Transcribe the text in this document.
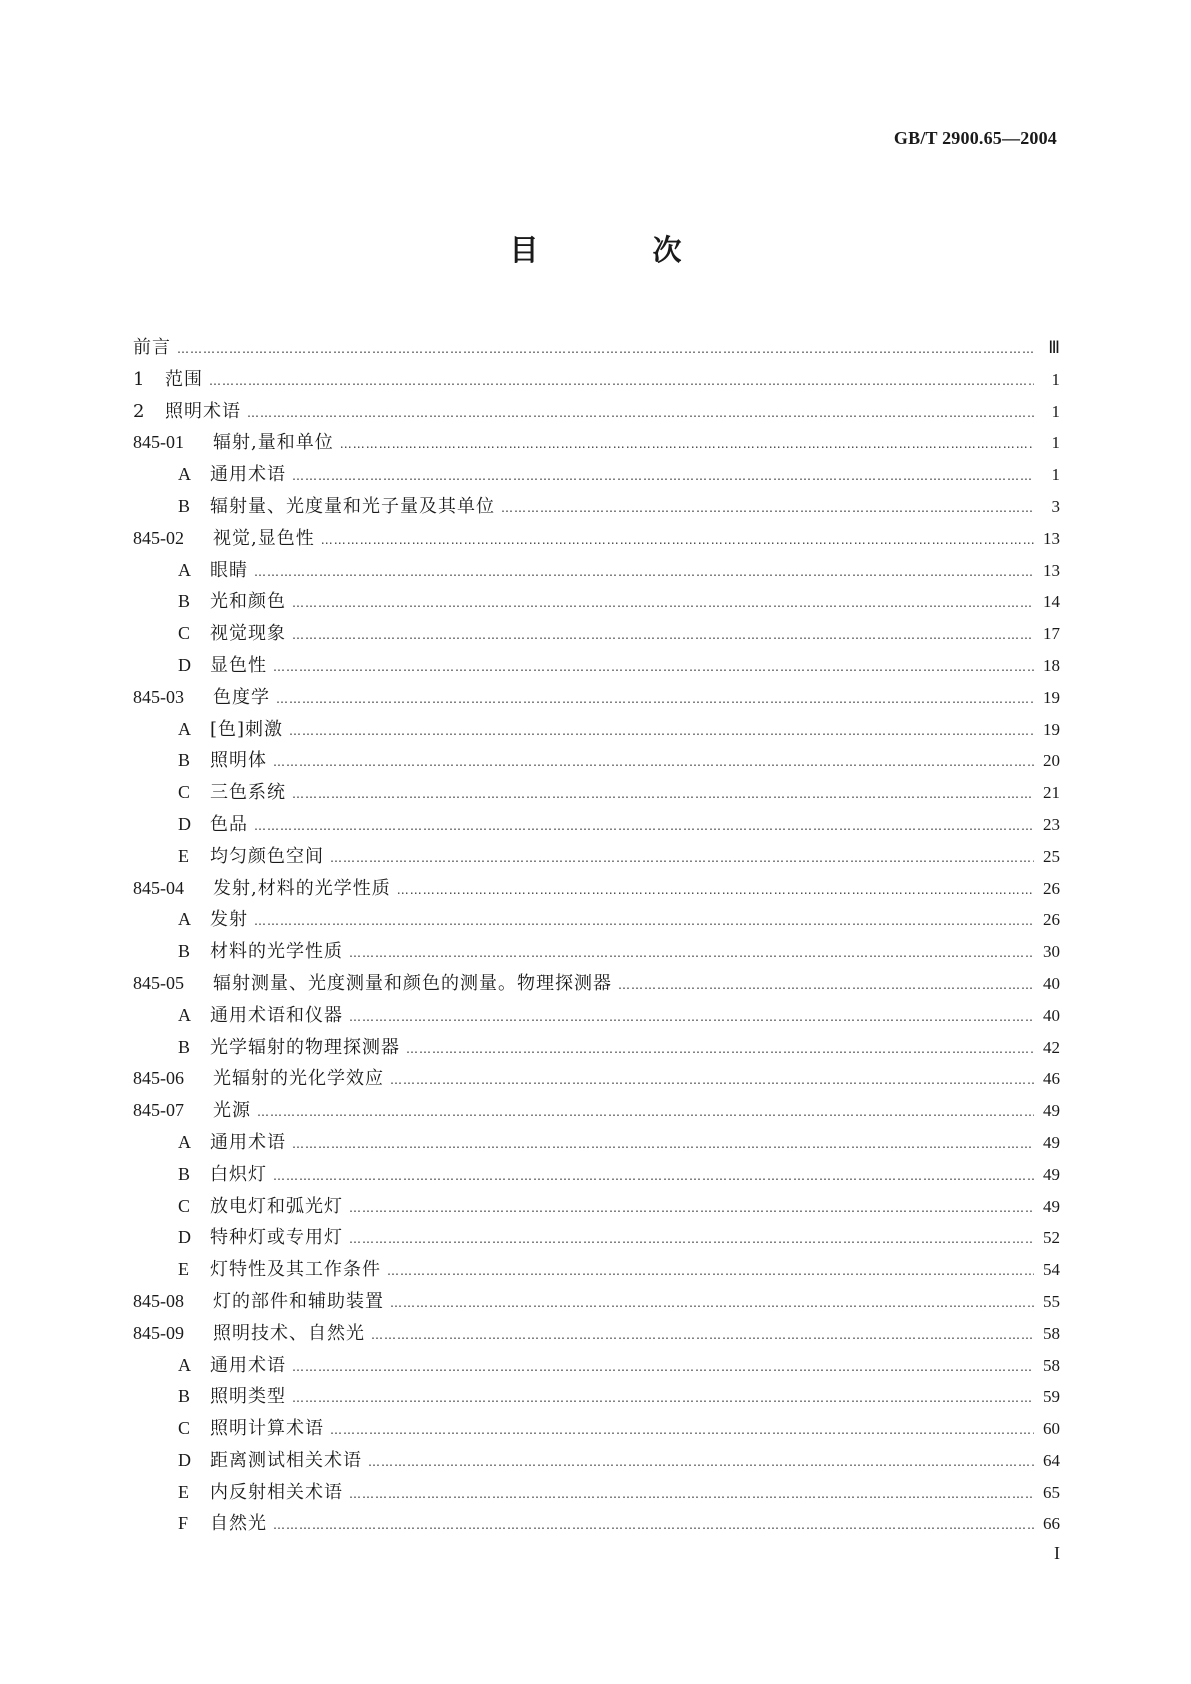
GB/T 2900.65—2004
目 次
前言 ……………………………………………………………………………………………………………………………………………………………………………………………………………………	Ⅲ
1	范围 ……………………………………………………………………………………………………………………………………………………………………………………………………………………	1
2	照明术语 ……………………………………………………………………………………………………………………………………………………………………………………………………………………	1
845-01	辐射,量和单位 ……………………………………………………………………………………………………………………………………………………………………………………………………………………	1
A	通用术语 ……………………………………………………………………………………………………………………………………………………………………………………………………………………	1
B	辐射量、光度量和光子量及其单位 ……………………………………………………………………………………………………………………………………………………………………………………………………………………	3
845-02	视觉,显色性 ……………………………………………………………………………………………………………………………………………………………………………………………………………………	13
A	眼睛 ……………………………………………………………………………………………………………………………………………………………………………………………………………………	13
B	光和颜色 ……………………………………………………………………………………………………………………………………………………………………………………………………………………	14
C	视觉现象 ……………………………………………………………………………………………………………………………………………………………………………………………………………………	17
D	显色性 ……………………………………………………………………………………………………………………………………………………………………………………………………………………	18
845-03	色度学 ……………………………………………………………………………………………………………………………………………………………………………………………………………………	19
A	[色]刺激 ……………………………………………………………………………………………………………………………………………………………………………………………………………………	19
B	照明体 ……………………………………………………………………………………………………………………………………………………………………………………………………………………	20
C	三色系统 ……………………………………………………………………………………………………………………………………………………………………………………………………………………	21
D	色品 ……………………………………………………………………………………………………………………………………………………………………………………………………………………	23
E	均匀颜色空间 ……………………………………………………………………………………………………………………………………………………………………………………………………………………	25
845-04	发射,材料的光学性质 ……………………………………………………………………………………………………………………………………………………………………………………………………………………	26
A	发射 ……………………………………………………………………………………………………………………………………………………………………………………………………………………	26
B	材料的光学性质 ……………………………………………………………………………………………………………………………………………………………………………………………………………………	30
845-05	辐射测量、光度测量和颜色的测量。物理探测器 ……………………………………………………………………………………………………………………………………………………………………………………………………………………	40
A	通用术语和仪器 ……………………………………………………………………………………………………………………………………………………………………………………………………………………	40
B	光学辐射的物理探测器 ……………………………………………………………………………………………………………………………………………………………………………………………………………………	42
845-06	光辐射的光化学效应 ……………………………………………………………………………………………………………………………………………………………………………………………………………………	46
845-07	光源 ……………………………………………………………………………………………………………………………………………………………………………………………………………………	49
A	通用术语 ……………………………………………………………………………………………………………………………………………………………………………………………………………………	49
B	白炽灯 ……………………………………………………………………………………………………………………………………………………………………………………………………………………	49
C	放电灯和弧光灯 ……………………………………………………………………………………………………………………………………………………………………………………………………………………	49
D	特种灯或专用灯 ……………………………………………………………………………………………………………………………………………………………………………………………………………………	52
E	灯特性及其工作条件 ……………………………………………………………………………………………………………………………………………………………………………………………………………………	54
845-08	灯的部件和辅助装置 ……………………………………………………………………………………………………………………………………………………………………………………………………………………	55
845-09	照明技术、自然光 ……………………………………………………………………………………………………………………………………………………………………………………………………………………	58
A	通用术语 ……………………………………………………………………………………………………………………………………………………………………………………………………………………	58
B	照明类型 ……………………………………………………………………………………………………………………………………………………………………………………………………………………	59
C	照明计算术语 ……………………………………………………………………………………………………………………………………………………………………………………………………………………	60
D	距离测试相关术语 ……………………………………………………………………………………………………………………………………………………………………………………………………………………	64
E	内反射相关术语 ……………………………………………………………………………………………………………………………………………………………………………………………………………………	65
F	自然光 ……………………………………………………………………………………………………………………………………………………………………………………………………………………	66
I
